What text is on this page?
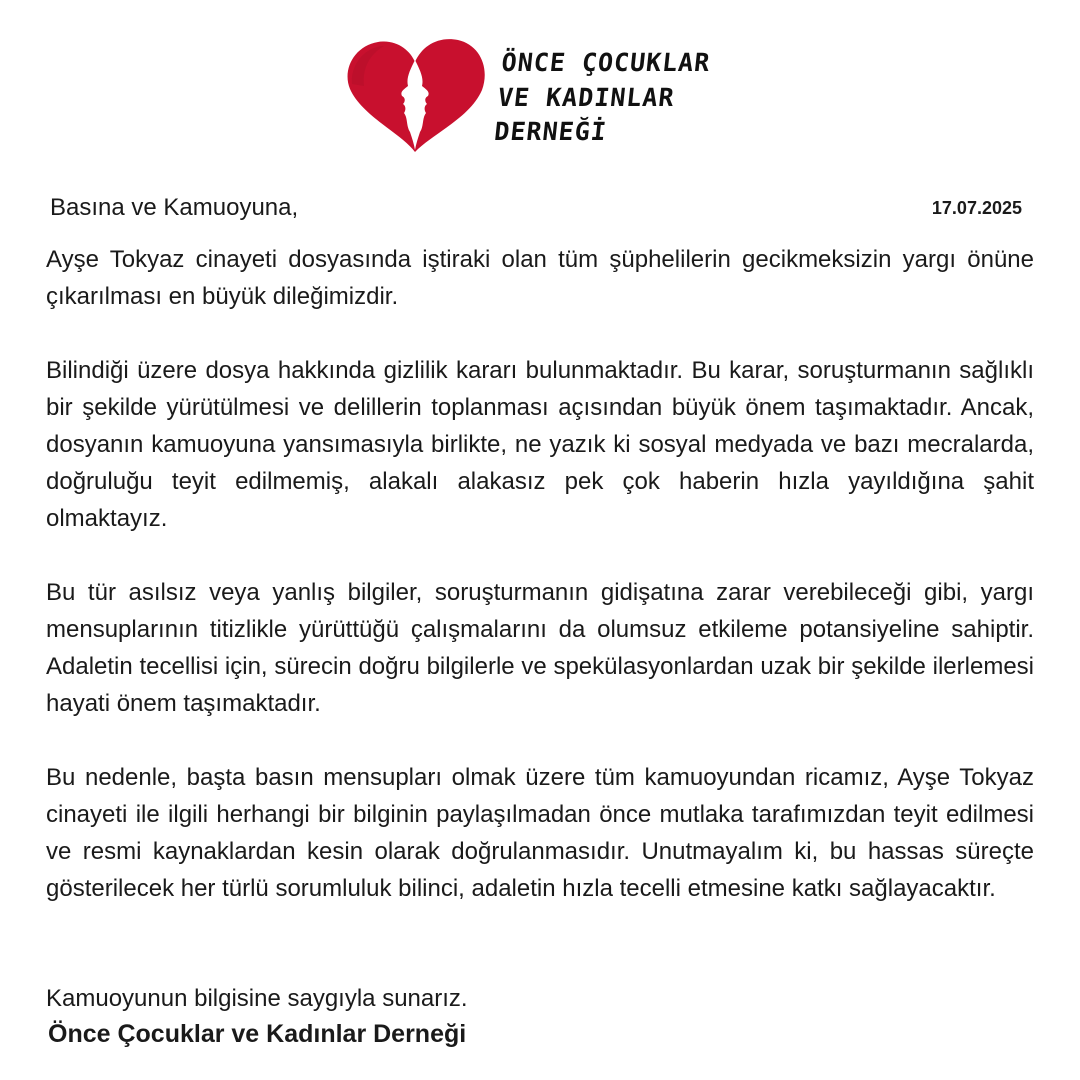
ÖNCE ÇOCUKLAR
VE KADINLAR
DERNEĞİ
Basına ve Kamuoyuna,	17.07.2025

Ayşe Tokyaz cinayeti dosyasında iştiraki olan tüm şüphelilerin gecikmeksizin yargı önüne çıkarılması en büyük dileğimizdir.

Bilindiği üzere dosya hakkında gizlilik kararı bulunmaktadır. Bu karar, soruşturmanın sağlıklı bir şekilde yürütülmesi ve delillerin toplanması açısından büyük önem taşımaktadır. Ancak, dosyanın kamuoyuna yansımasıyla birlikte, ne yazık ki sosyal medyada ve bazı mecralarda, doğruluğu teyit edilmemiş, alakalı alakasız pek çok haberin hızla yayıldığına şahit olmaktayız.

Bu tür asılsız veya yanlış bilgiler, soruşturmanın gidişatına zarar verebileceği gibi, yargı mensuplarının titizlikle yürüttüğü çalışmalarını da olumsuz etkileme potansiyeline sahiptir. Adaletin tecellisi için, sürecin doğru bilgilerle ve spekülasyonlardan uzak bir şekilde ilerlemesi hayati önem taşımaktadır.

Bu nedenle, başta basın mensupları olmak üzere tüm kamuoyundan ricamız, Ayşe Tokyaz cinayeti ile ilgili herhangi bir bilginin paylaşılmadan önce mutlaka tarafımızdan teyit edilmesi ve resmi kaynaklardan kesin olarak doğrulanmasıdır. Unutmayalım ki, bu hassas süreçte gösterilecek her türlü sorumluluk bilinci, adaletin hızla tecelli etmesine katkı sağlayacaktır.

Kamuoyunun bilgisine saygıyla sunarız.
Önce Çocuklar ve Kadınlar Derneği
